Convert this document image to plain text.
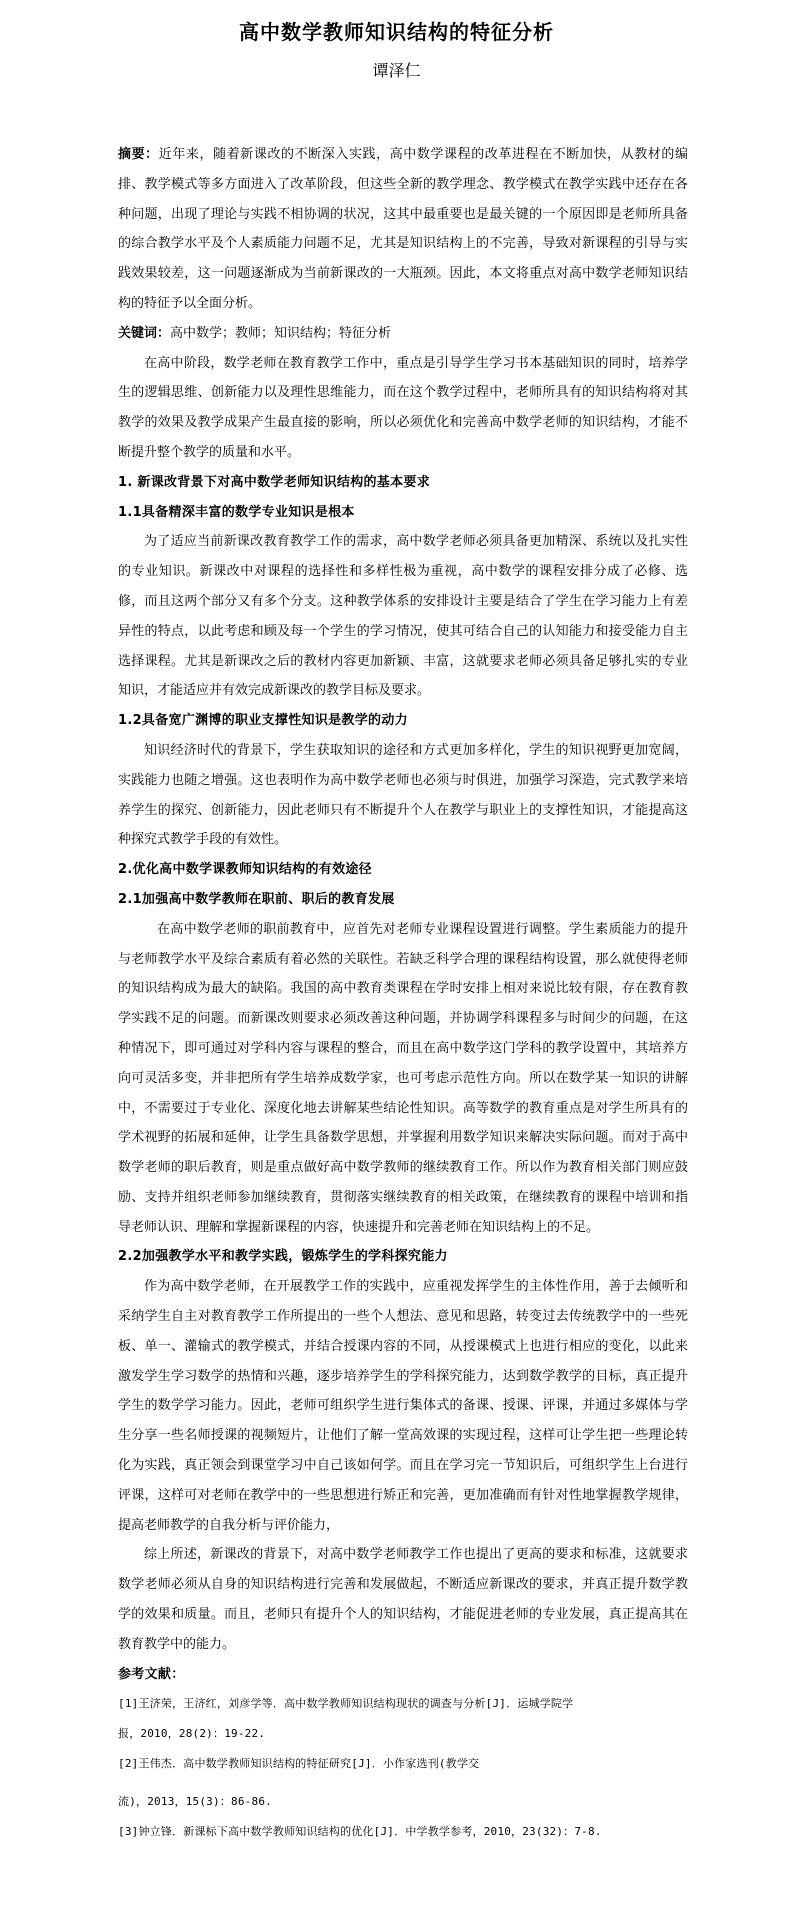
高中数学教师知识结构的特征分析
谭泽仁

摘要：近年来，随着新课改的不断深入实践，高中数学课程的改革进程在不断加快，从教材的编排、教学模式等多方面进入了改革阶段，但这些全新的教学理念、教学模式在教学实践中还存在各种问题，出现了理论与实践不相协调的状况，这其中最重要也是最关键的一个原因即是老师所具备的综合教学水平及个人素质能力问题不足，尤其是知识结构上的不完善，导致对新课程的引导与实践效果较差，这一问题逐渐成为当前新课改的一大瓶颈。因此，本文将重点对高中数学老师知识结构的特征予以全面分析。

关键词：高中数学；教师；知识结构；特征分析

在高中阶段，数学老师在教育教学工作中，重点是引导学生学习书本基础知识的同时，培养学生的逻辑思维、创新能力以及理性思维能力，而在这个教学过程中，老师所具有的知识结构将对其教学的效果及教学成果产生最直接的影响，所以必须优化和完善高中数学老师的知识结构，才能不断提升整个教学的质量和水平。

1. 新课改背景下对高中数学老师知识结构的基本要求

1.1具备精深丰富的数学专业知识是根本

为了适应当前新课改教育教学工作的需求，高中数学老师必须具备更加精深、系统以及扎实性的专业知识。新课改中对课程的选择性和多样性极为重视，高中数学的课程安排分成了必修、选修，而且这两个部分又有多个分支。这种教学体系的安排设计主要是结合了学生在学习能力上有差异性的特点，以此考虑和顾及每一个学生的学习情况，使其可结合自己的认知能力和接受能力自主选择课程。尤其是新课改之后的教材内容更加新颖、丰富，这就要求老师必须具备足够扎实的专业知识，才能适应并有效完成新课改的教学目标及要求。

1.2具备宽广渊博的职业支撑性知识是教学的动力

知识经济时代的背景下，学生获取知识的途径和方式更加多样化，学生的知识视野更加宽阔，实践能力也随之增强。这也表明作为高中数学老师也必须与时俱进，加强学习深造，完式教学来培养学生的探究、创新能力，因此老师只有不断提升个人在教学与职业上的支撑性知识，才能提高这种探究式教学手段的有效性。

2.优化高中数学课教师知识结构的有效途径

2.1加强高中数学教师在职前、职后的教育发展

在高中数学老师的职前教育中，应首先对老师专业课程设置进行调整。学生素质能力的提升与老师教学水平及综合素质有着必然的关联性。若缺乏科学合理的课程结构设置，那么就使得老师的知识结构成为最大的缺陷。我国的高中教育类课程在学时安排上相对来说比较有限，存在教育教学实践不足的问题。而新课改则要求必须改善这种问题，并协调学科课程多与时间少的问题，在这种情况下，即可通过对学科内容与课程的整合，而且在高中数学这门学科的教学设置中，其培养方向可灵活多变，并非把所有学生培养成数学家，也可考虑示范性方向。所以在数学某一知识的讲解中，不需要过于专业化、深度化地去讲解某些结论性知识。高等数学的教育重点是对学生所具有的学术视野的拓展和延伸，让学生具备数学思想，并掌握利用数学知识来解决实际问题。而对于高中数学老师的职后教育，则是重点做好高中数学教师的继续教育工作。所以作为教育相关部门则应鼓励、支持并组织老师参加继续教育，贯彻落实继续教育的相关政策，在继续教育的课程中培训和指导老师认识、理解和掌握新课程的内容，快速提升和完善老师在知识结构上的不足。

2.2加强教学水平和教学实践，锻炼学生的学科探究能力

作为高中数学老师，在开展教学工作的实践中，应重视发挥学生的主体性作用，善于去倾听和采纳学生自主对教育教学工作所提出的一些个人想法、意见和思路，转变过去传统教学中的一些死板、单一、灌输式的教学模式，并结合授课内容的不同，从授课模式上也进行相应的变化，以此来激发学生学习数学的热情和兴趣，逐步培养学生的学科探究能力，达到数学教学的目标，真正提升学生的数学学习能力。因此，老师可组织学生进行集体式的备课、授课、评课，并通过多媒体与学生分享一些名师授课的视频短片，让他们了解一堂高效课的实现过程，这样可让学生把一些理论转化为实践，真正领会到课堂学习中自己该如何学。而且在学习完一节知识后，可组织学生上台进行评课，这样可对老师在教学中的一些思想进行矫正和完善，更加准确而有针对性地掌握教学规律，提高老师教学的自我分析与评价能力，

综上所述，新课改的背景下，对高中数学老师教学工作也提出了更高的要求和标准，这就要求数学老师必须从自身的知识结构进行完善和发展做起，不断适应新课改的要求，并真正提升数学教学的效果和质量。而且，老师只有提升个人的知识结构，才能促进老师的专业发展，真正提高其在教育教学中的能力。

参考文献：

[1]王济荣，王济红，刘彦学等．高中数学教师知识结构现状的调查与分析[J]．运城学院学

报，2010，28(2)：19-22.

[2]王伟杰．高中数学教师知识结构的特征研究[J]．小作家选刊(教学交

流)，2013，15(3)：86-86.

[3]钟立锋．新课标下高中数学教师知识结构的优化[J]．中学教学参考，2010，23(32)：7-8.
